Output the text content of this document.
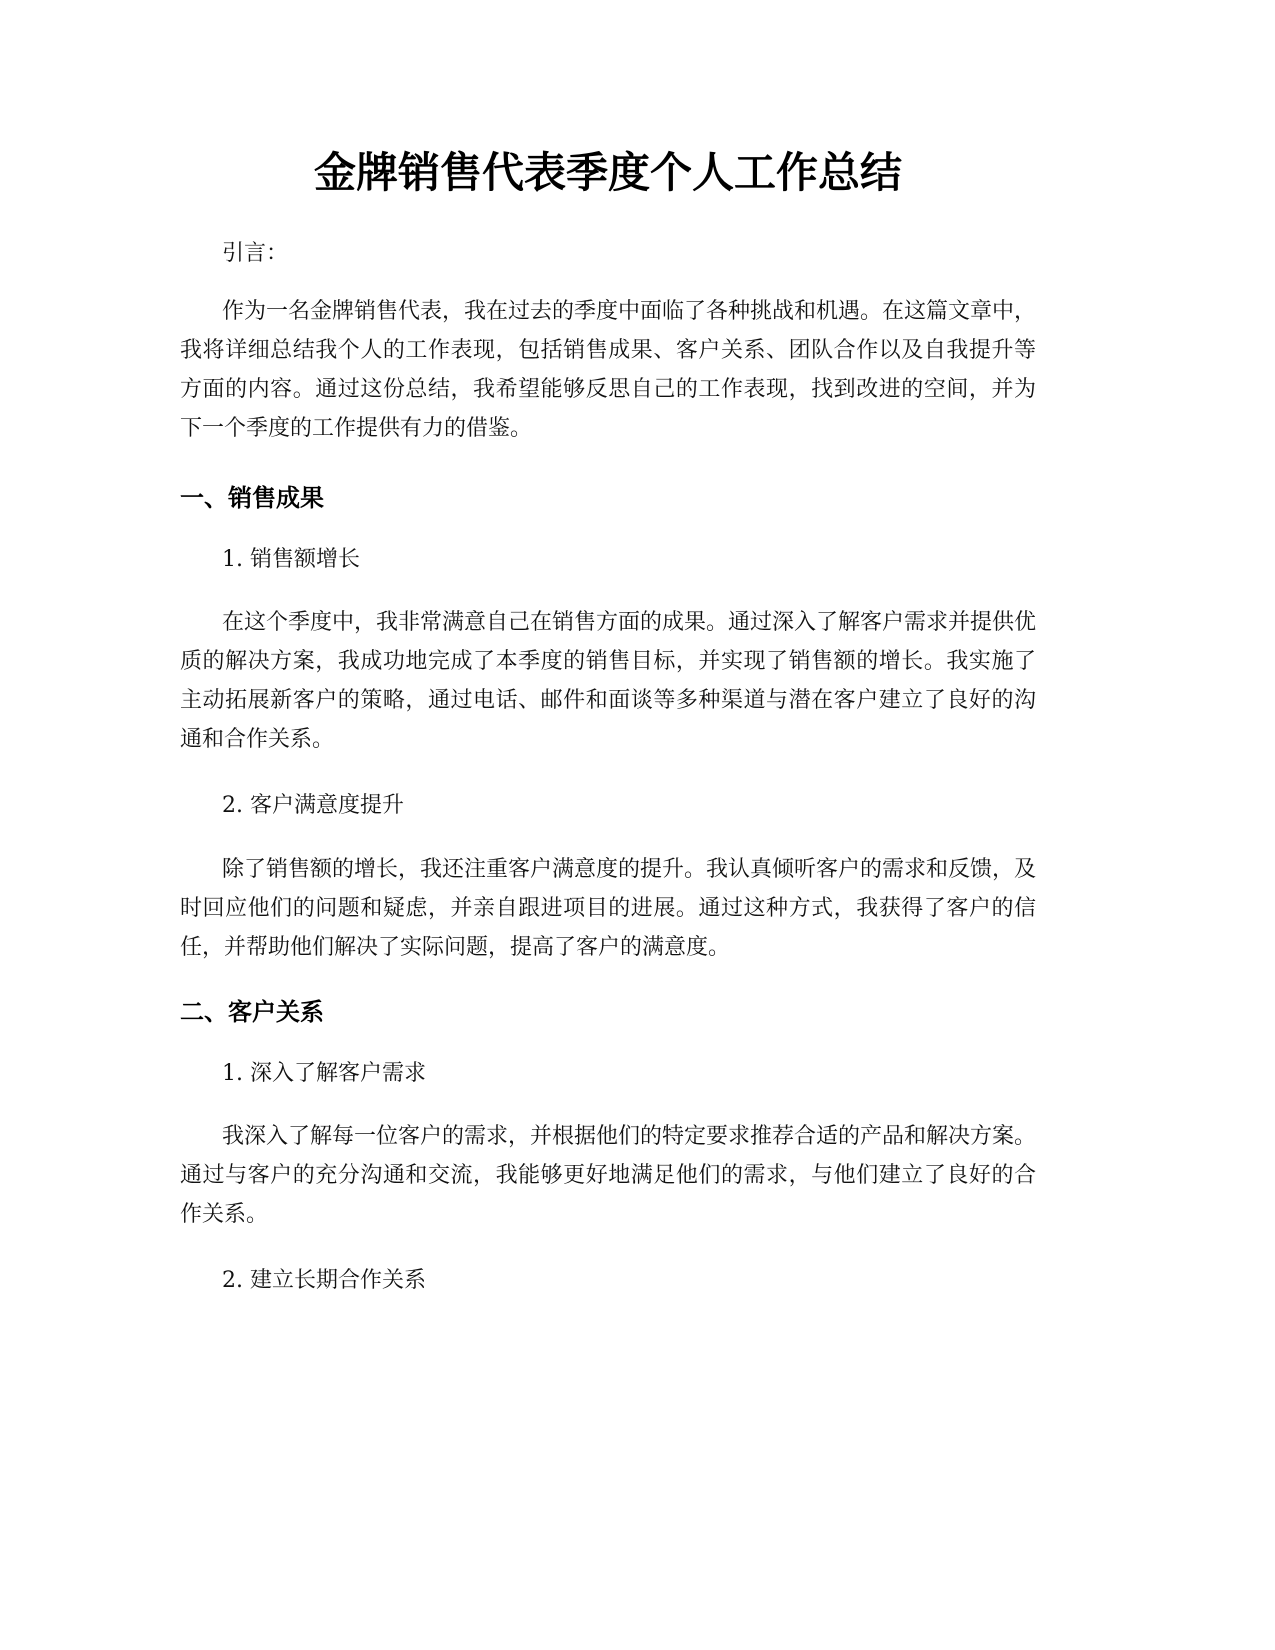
金牌销售代表季度个人工作总结

引言：

作为一名金牌销售代表，我在过去的季度中面临了各种挑战和机遇。在这篇文章中，我将详细总结我个人的工作表现，包括销售成果、客户关系、团队合作以及自我提升等方面的内容。通过这份总结，我希望能够反思自己的工作表现，找到改进的空间，并为下一个季度的工作提供有力的借鉴。

一、销售成果

1. 销售额增长

在这个季度中，我非常满意自己在销售方面的成果。通过深入了解客户需求并提供优质的解决方案，我成功地完成了本季度的销售目标，并实现了销售额的增长。我实施了主动拓展新客户的策略，通过电话、邮件和面谈等多种渠道与潜在客户建立了良好的沟通和合作关系。

2. 客户满意度提升

除了销售额的增长，我还注重客户满意度的提升。我认真倾听客户的需求和反馈，及时回应他们的问题和疑虑，并亲自跟进项目的进展。通过这种方式，我获得了客户的信任，并帮助他们解决了实际问题，提高了客户的满意度。

二、客户关系

1. 深入了解客户需求

我深入了解每一位客户的需求，并根据他们的特定要求推荐合适的产品和解决方案。通过与客户的充分沟通和交流，我能够更好地满足他们的需求，与他们建立了良好的合作关系。

2. 建立长期合作关系
